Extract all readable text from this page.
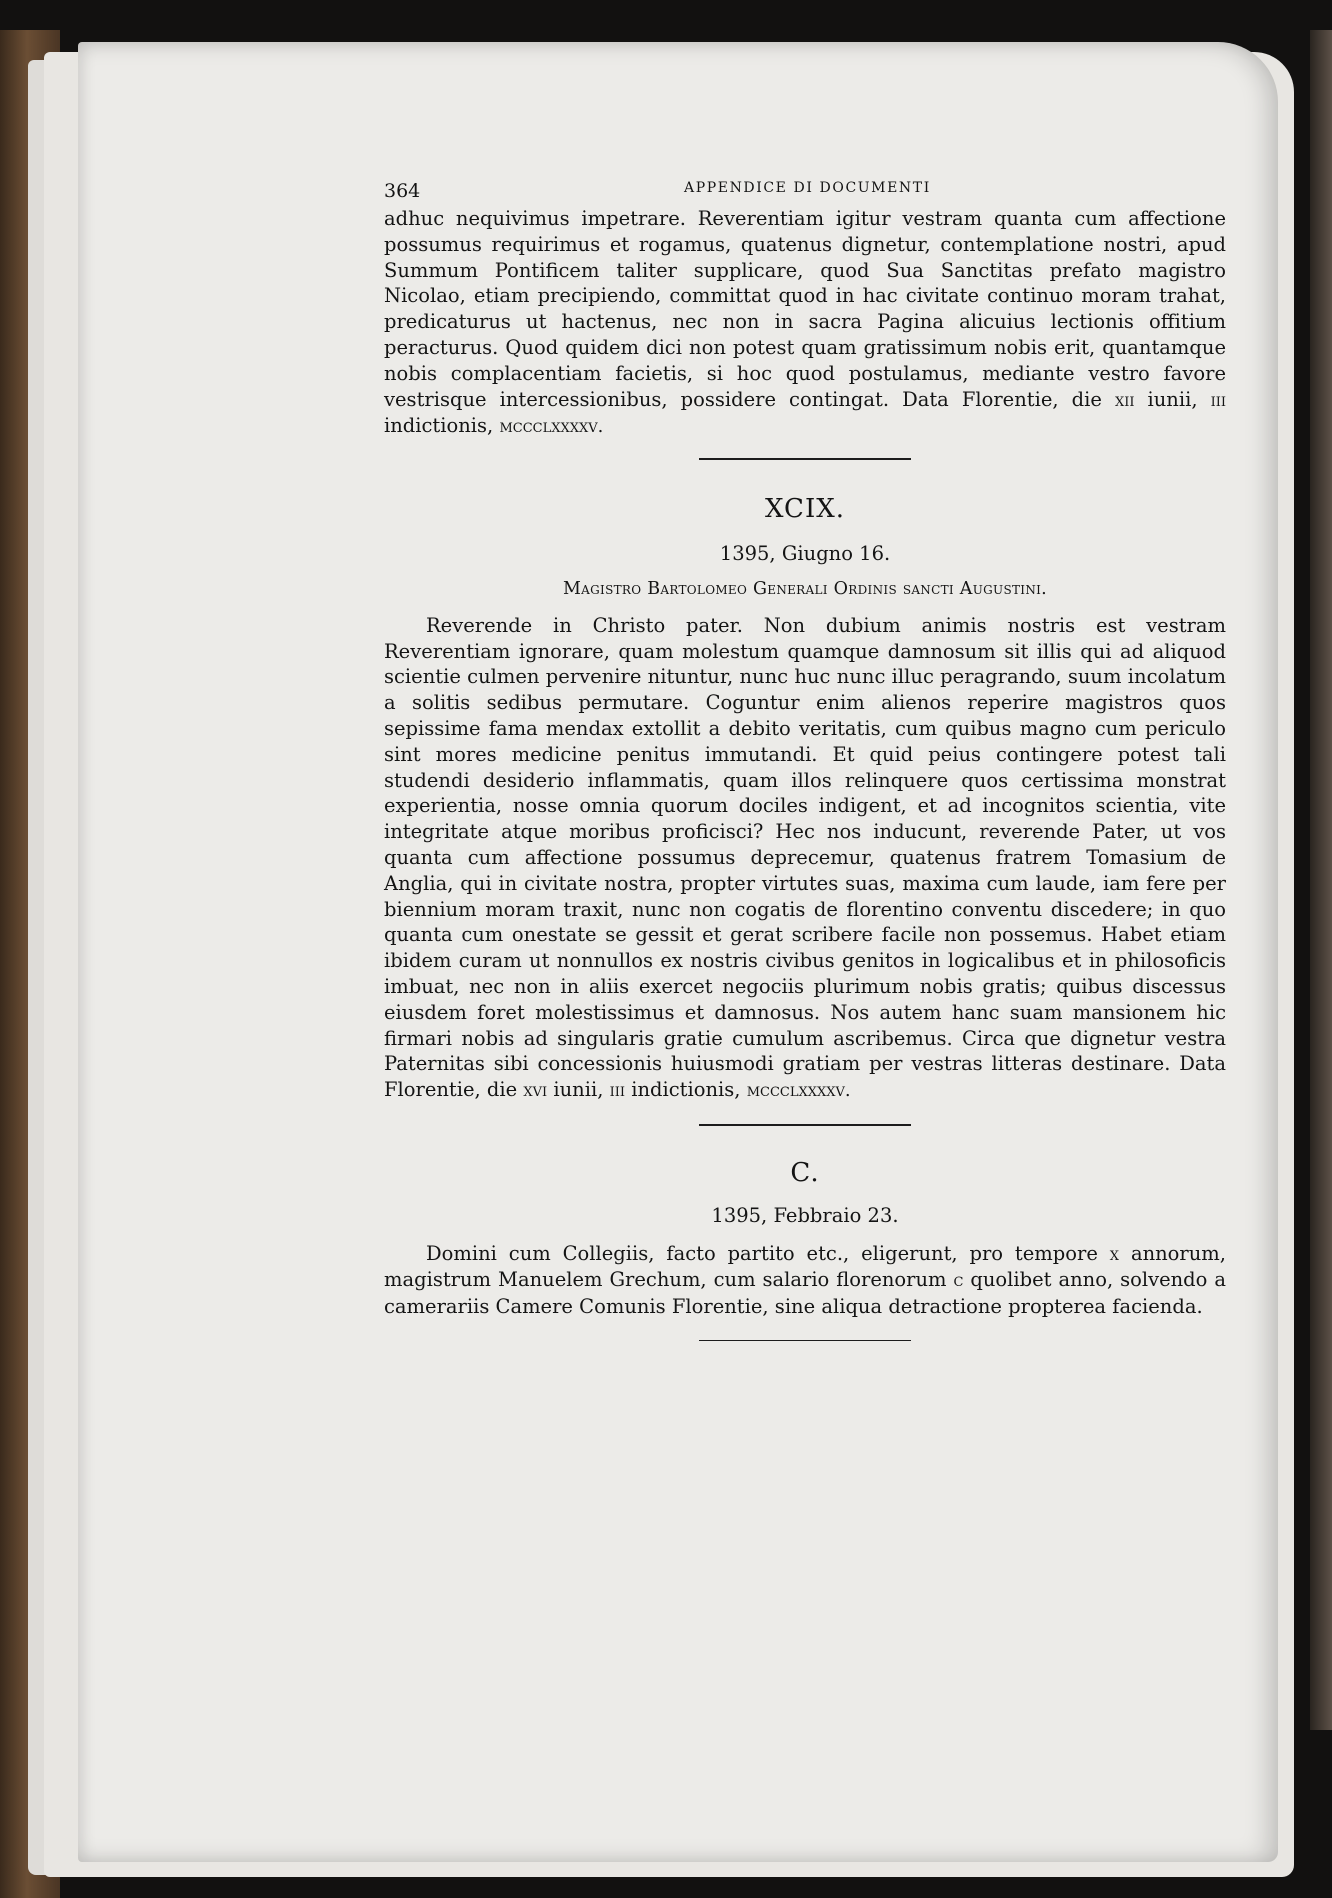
364	APPENDICE DI DOCUMENTI

adhuc nequivimus impetrare. Reverentiam igitur vestram quanta cum affectione possumus requirimus et rogamus, quatenus dignetur, contemplatione nostri, apud Summum Pontificem taliter supplicare, quod Sua Sanctitas prefato magistro Nicolao, etiam precipiendo, committat quod in hac civitate continuo moram trahat, predicaturus ut hactenus, nec non in sacra Pagina alicuius lectionis offitium peracturus. Quod quidem dici non potest quam gratissimum nobis erit, quantamque nobis complacentiam facietis, si hoc quod postulamus, mediante vestro favore vestrisque intercessionibus, possidere contingat. Data Florentie, die xii iunii, iii indictionis, mccclxxxxv.

XCIX.
1395, Giugno 16.
Magistro Bartolomeo Generali Ordinis sancti Augustini.

Reverende in Christo pater. Non dubium animis nostris est vestram Reverentiam ignorare, quam molestum quamque damnosum sit illis qui ad aliquod scientie culmen pervenire nituntur, nunc huc nunc illuc peragrando, suum incolatum a solitis sedibus permutare. Coguntur enim alienos reperire magistros quos sepissime fama mendax extollit a debito veritatis, cum quibus magno cum periculo sint mores medicine penitus immutandi. Et quid peius contingere potest tali studendi desiderio inflammatis, quam illos relinquere quos certissima monstrat experientia, nosse omnia quorum dociles indigent, et ad incognitos scientia, vite integritate atque moribus proficisci? Hec nos inducunt, reverende Pater, ut vos quanta cum affectione possumus deprecemur, quatenus fratrem Tomasium de Anglia, qui in civitate nostra, propter virtutes suas, maxima cum laude, iam fere per biennium moram traxit, nunc non cogatis de florentino conventu discedere; in quo quanta cum onestate se gessit et gerat scribere facile non possemus. Habet etiam ibidem curam ut nonnullos ex nostris civibus genitos in logicalibus et in philosoficis imbuat, nec non in aliis exercet negociis plurimum nobis gratis; quibus discessus eiusdem foret molestissimus et damnosus. Nos autem hanc suam mansionem hic firmari nobis ad singularis gratie cumulum ascribemus. Circa que dignetur vestra Paternitas sibi concessionis huiusmodi gratiam per vestras litteras destinare. Data Florentie, die xvi iunii, iii indictionis, mccclxxxxv.

C.
1395, Febbraio 23.

Domini cum Collegiis, facto partito etc., eligerunt, pro tempore x annorum, magistrum Manuelem Grechum, cum salario florenorum c quolibet anno, solvendo a camerariis Camere Comunis Florentie, sine aliqua detractione propterea facienda.
